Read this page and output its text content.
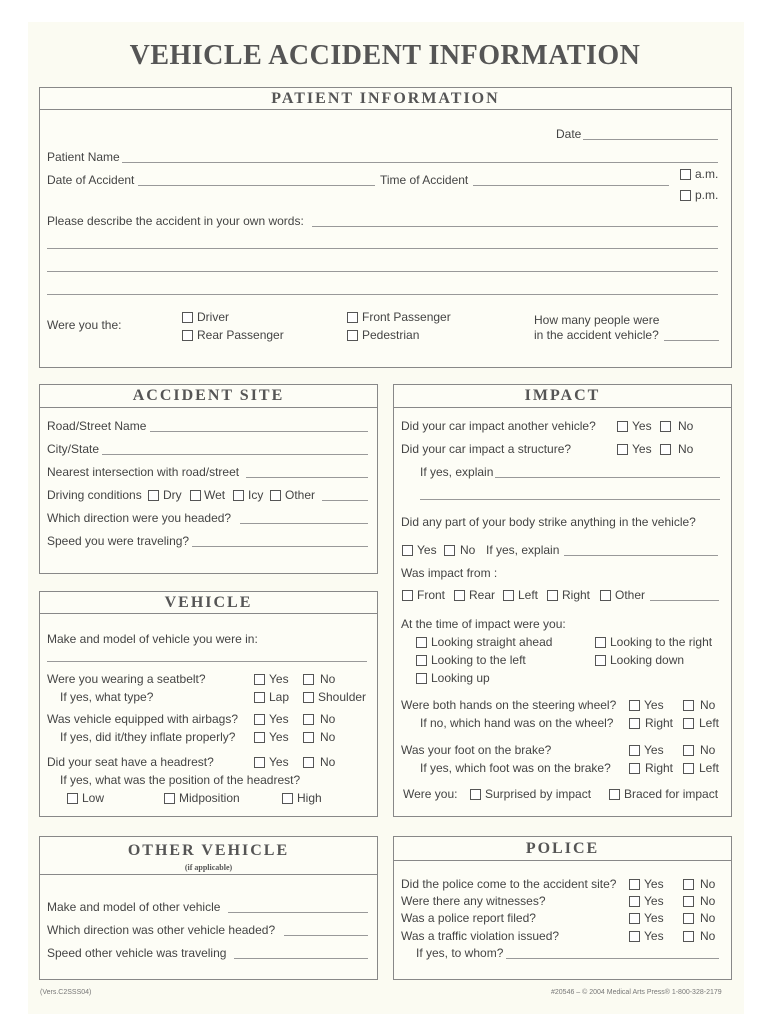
VEHICLE ACCIDENT INFORMATION
PATIENT INFORMATION
Date
Patient Name
Date of Accident	Time of Accident	a.m.
p.m.
Please describe the accident in your own words:
Were you the:
Driver
Rear Passenger
Front Passenger
Pedestrian
How many people were
in the accident vehicle?
ACCIDENT SITE
Road/Street Name
City/State
Nearest intersection with road/street
Driving conditions Dry Wet Icy Other
Which direction were you headed?
Speed you were traveling?
VEHICLE
Make and model of vehicle you were in:
Were you wearing a seatbelt?	Yes	No
If yes, what type?	Lap Shoulder
Was vehicle equipped with airbags?	Yes	No
If yes, did it/they inflate properly?	Yes	No
Did your seat have a headrest?	Yes	No
If yes, what was the position of the headrest?
Low	Midposition	High
OTHER VEHICLE
(if applicable)
Make and model of other vehicle
Which direction was other vehicle headed?
Speed other vehicle was traveling
IMPACT
Did your car impact another vehicle?	Yes No
Did your car impact a structure?	Yes No
If yes, explain
Did any part of your body strike anything in the vehicle?
Yes No If yes, explain
Was impact from :
Front Rear Left Right Other
At the time of impact were you:
Looking straight ahead	Looking to the right
Looking to the left	Looking down
Looking up
Were both hands on the steering wheel? Yes	No
If no, which hand was on the wheel?	Right Left
Was your foot on the brake?	Yes	No
If yes, which foot was on the brake?	Right Left
Were you: Surprised by impact	Braced for impact
POLICE
Did the police come to the accident site? Yes	No
Were there any witnesses?	Yes	No
Was a police report filed?	Yes	No
Was a traffic violation issued?	Yes	No
If yes, to whom?
(Vers.C2SSS04)	#20546 – © 2004 Medical Arts Press® 1-800-328-2179
